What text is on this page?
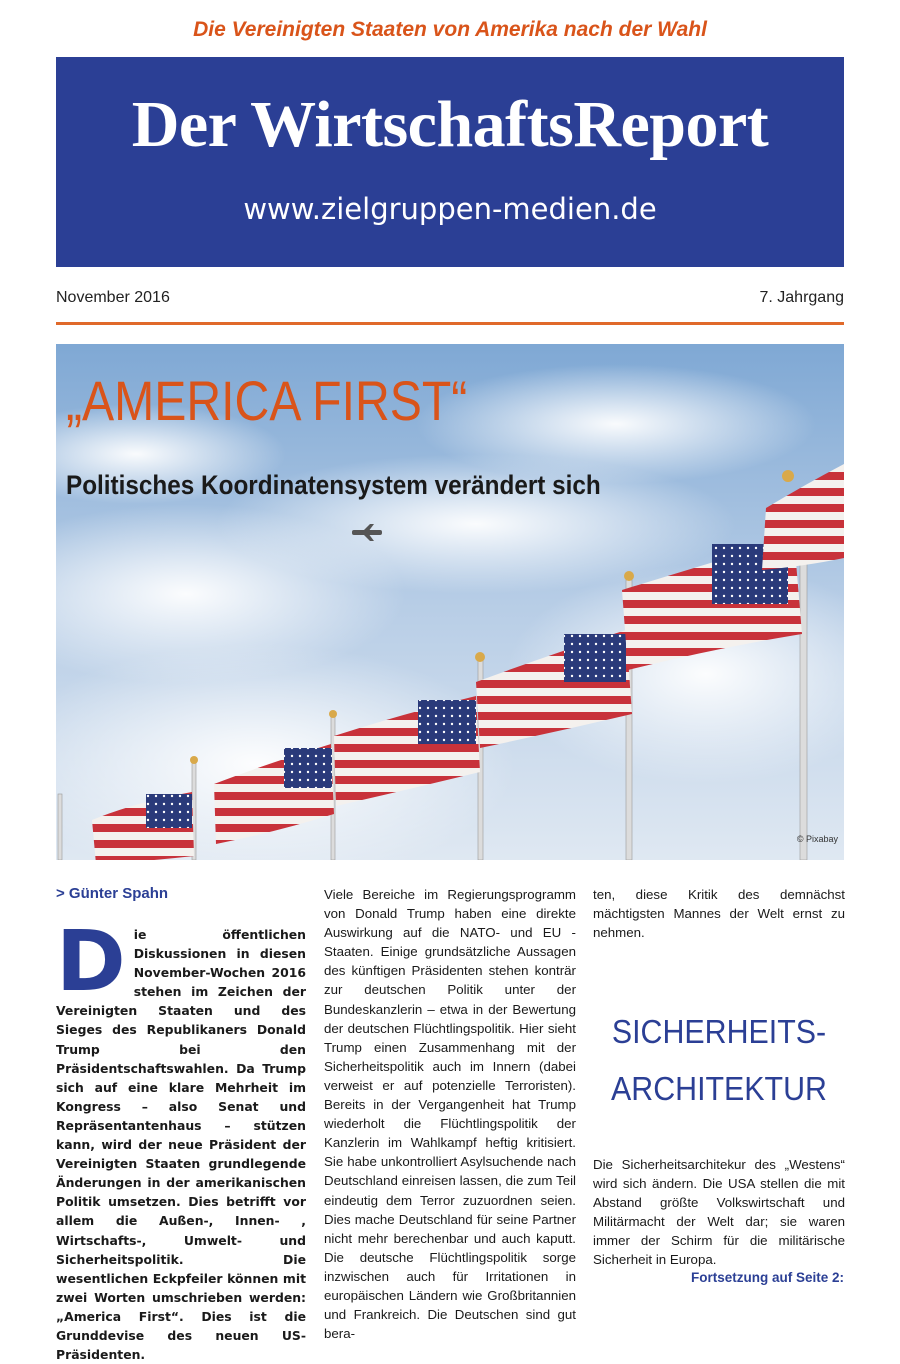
Die Vereinigten Staaten von Amerika nach der Wahl
Der WirtschaftsReport
www.zielgruppen-medien.de
November 2016	7. Jahrgang
„AMERICA FIRST“
Politisches Koordinatensystem verändert sich
© Pixabay
> Günter Spahn
D ie öffentlichen Diskussionen in diesen November-Wochen 2016 stehen im Zeichen der Vereinigten Staaten und des Sieges des Republikaners Donald Trump bei den Präsidentschaftswahlen. Da Trump sich auf eine klare Mehrheit im Kongress – also Senat und Repräsentantenhaus – stützen kann, wird der neue Präsident der Vereinigten Staaten grundlegende Änderungen in der amerikanischen Politik umsetzen. Dies betrifft vor allem die Außen-, Innen- , Wirtschafts-, Umwelt- und Sicherheitspolitik. Die wesentlichen Eckpfeiler können mit zwei Worten umschrieben werden: „America First“. Dies ist die Grunddevise des neuen US-Präsidenten.
Viele Bereiche im Regierungsprogramm von Donald Trump haben eine direkte Auswirkung auf die NATO- und EU -Staaten. Einige grundsätzliche Aussagen des künftigen Präsidenten stehen konträr zur deutschen Politik unter der Bundeskanzlerin – etwa in der Bewertung der deutschen Flüchtlingspolitik. Hier sieht Trump einen Zusammenhang mit der Sicherheitspolitik auch im Innern (dabei verweist er auf potenzielle Terroristen). Bereits in der Vergangenheit hat Trump wiederholt die Flüchtlingspolitik der Kanzlerin im Wahlkampf heftig kritisiert. Sie habe unkontrolliert Asylsuchende nach Deutschland einreisen lassen, die zum Teil eindeutig dem Terror zuzuordnen seien. Dies mache Deutschland für seine Partner nicht mehr berechenbar und auch kaputt. Die deutsche Flüchtlingspolitik sorge inzwischen auch für Irritationen in europäischen Ländern wie Großbritannien und Frankreich. Die Deutschen sind gut bera-
ten, diese Kritik des demnächst mächtigsten Mannes der Welt ernst zu nehmen.
SICHERHEITS-
ARCHITEKTUR
Die Sicherheitsarchitekur des „Westens“ wird sich ändern. Die USA stellen die mit Abstand größte Volkswirtschaft und Militärmacht der Welt dar; sie waren immer der Schirm für die militärische Sicherheit in Europa.
Fortsetzung auf Seite 2:
